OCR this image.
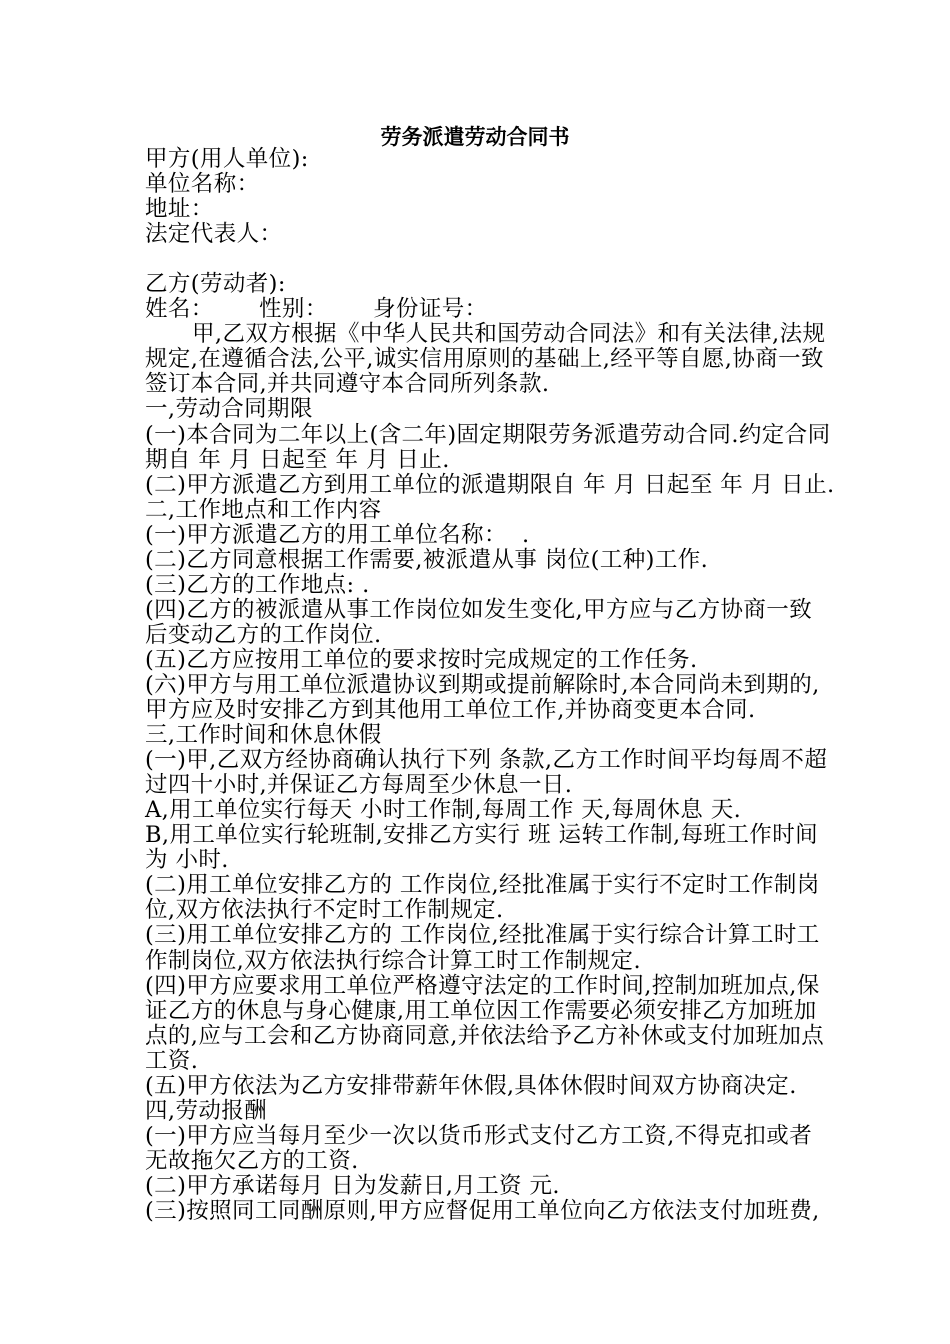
劳务派遣劳动合同书
甲方(用人单位):
单位名称：
地址：
法定代表人：
乙方(劳动者):
姓名：      性别：      身份证号：
甲,乙双方根据《中华人民共和国劳动合同法》和有关法律,法规
规定,在遵循合法,公平,诚实信用原则的基础上,经平等自愿,协商一致
签订本合同,并共同遵守本合同所列条款.
一,劳动合同期限
(一)本合同为二年以上(含二年)固定期限劳务派遣劳动合同.约定合同
期自 年 月 日起至 年 月 日止.
(二)甲方派遣乙方到用工单位的派遣期限自 年 月 日起至 年 月 日止.
二,工作地点和工作内容
(一)甲方派遣乙方的用工单位名称：  .
(二)乙方同意根据工作需要,被派遣从事 岗位(工种)工作.
(三)乙方的工作地点: .
(四)乙方的被派遣从事工作岗位如发生变化,甲方应与乙方协商一致
后变动乙方的工作岗位.
(五)乙方应按用工单位的要求按时完成规定的工作任务.
(六)甲方与用工单位派遣协议到期或提前解除时,本合同尚未到期的,
甲方应及时安排乙方到其他用工单位工作,并协商变更本合同.
三,工作时间和休息休假
(一)甲,乙双方经协商确认执行下列 条款,乙方工作时间平均每周不超
过四十小时,并保证乙方每周至少休息一日.
A,用工单位实行每天 小时工作制,每周工作 天,每周休息 天.
B,用工单位实行轮班制,安排乙方实行 班 运转工作制,每班工作时间
为 小时.
(二)用工单位安排乙方的 工作岗位,经批准属于实行不定时工作制岗
位,双方依法执行不定时工作制规定.
(三)用工单位安排乙方的 工作岗位,经批准属于实行综合计算工时工
作制岗位,双方依法执行综合计算工时工作制规定.
(四)甲方应要求用工单位严格遵守法定的工作时间,控制加班加点,保
证乙方的休息与身心健康,用工单位因工作需要必须安排乙方加班加
点的,应与工会和乙方协商同意,并依法给予乙方补休或支付加班加点
工资.
(五)甲方依法为乙方安排带薪年休假,具体休假时间双方协商决定.
四,劳动报酬
(一)甲方应当每月至少一次以货币形式支付乙方工资,不得克扣或者
无故拖欠乙方的工资.
(二)甲方承诺每月 日为发薪日,月工资 元.
(三)按照同工同酬原则,甲方应督促用工单位向乙方依法支付加班费,
